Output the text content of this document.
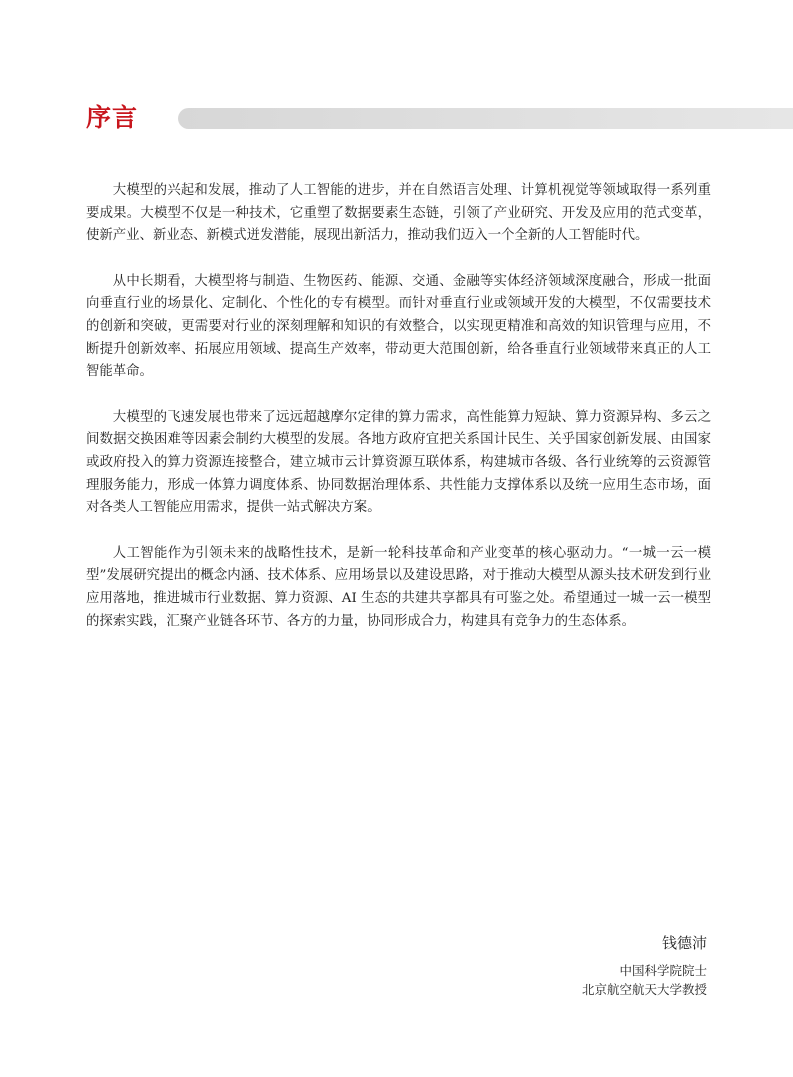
序言

大模型的兴起和发展，推动了人工智能的进步，并在自然语言处理、计算机视觉等领域取得一系列重要成果。大模型不仅是一种技术，它重塑了数据要素生态链，引领了产业研究、开发及应用的范式变革，使新产业、新业态、新模式迸发潜能，展现出新活力，推动我们迈入一个全新的人工智能时代。

从中长期看，大模型将与制造、生物医药、能源、交通、金融等实体经济领域深度融合，形成一批面向垂直行业的场景化、定制化、个性化的专有模型。而针对垂直行业或领域开发的大模型，不仅需要技术的创新和突破，更需要对行业的深刻理解和知识的有效整合，以实现更精准和高效的知识管理与应用，不断提升创新效率、拓展应用领域、提高生产效率，带动更大范围创新，给各垂直行业领域带来真正的人工智能革命。

大模型的飞速发展也带来了远远超越摩尔定律的算力需求，高性能算力短缺、算力资源异构、多云之间数据交换困难等因素会制约大模型的发展。各地方政府宜把关系国计民生、关乎国家创新发展、由国家或政府投入的算力资源连接整合，建立城市云计算资源互联体系，构建城市各级、各行业统筹的云资源管理服务能力，形成一体算力调度体系、协同数据治理体系、共性能力支撑体系以及统一应用生态市场，面对各类人工智能应用需求，提供一站式解决方案。

人工智能作为引领未来的战略性技术，是新一轮科技革命和产业变革的核心驱动力。“一城一云一模型”发展研究提出的概念内涵、技术体系、应用场景以及建设思路，对于推动大模型从源头技术研发到行业应用落地，推进城市行业数据、算力资源、AI 生态的共建共享都具有可鉴之处。希望通过一城一云一模型的探索实践，汇聚产业链各环节、各方的力量，协同形成合力，构建具有竞争力的生态体系。

钱德沛

中国科学院院士

北京航空航天大学教授
